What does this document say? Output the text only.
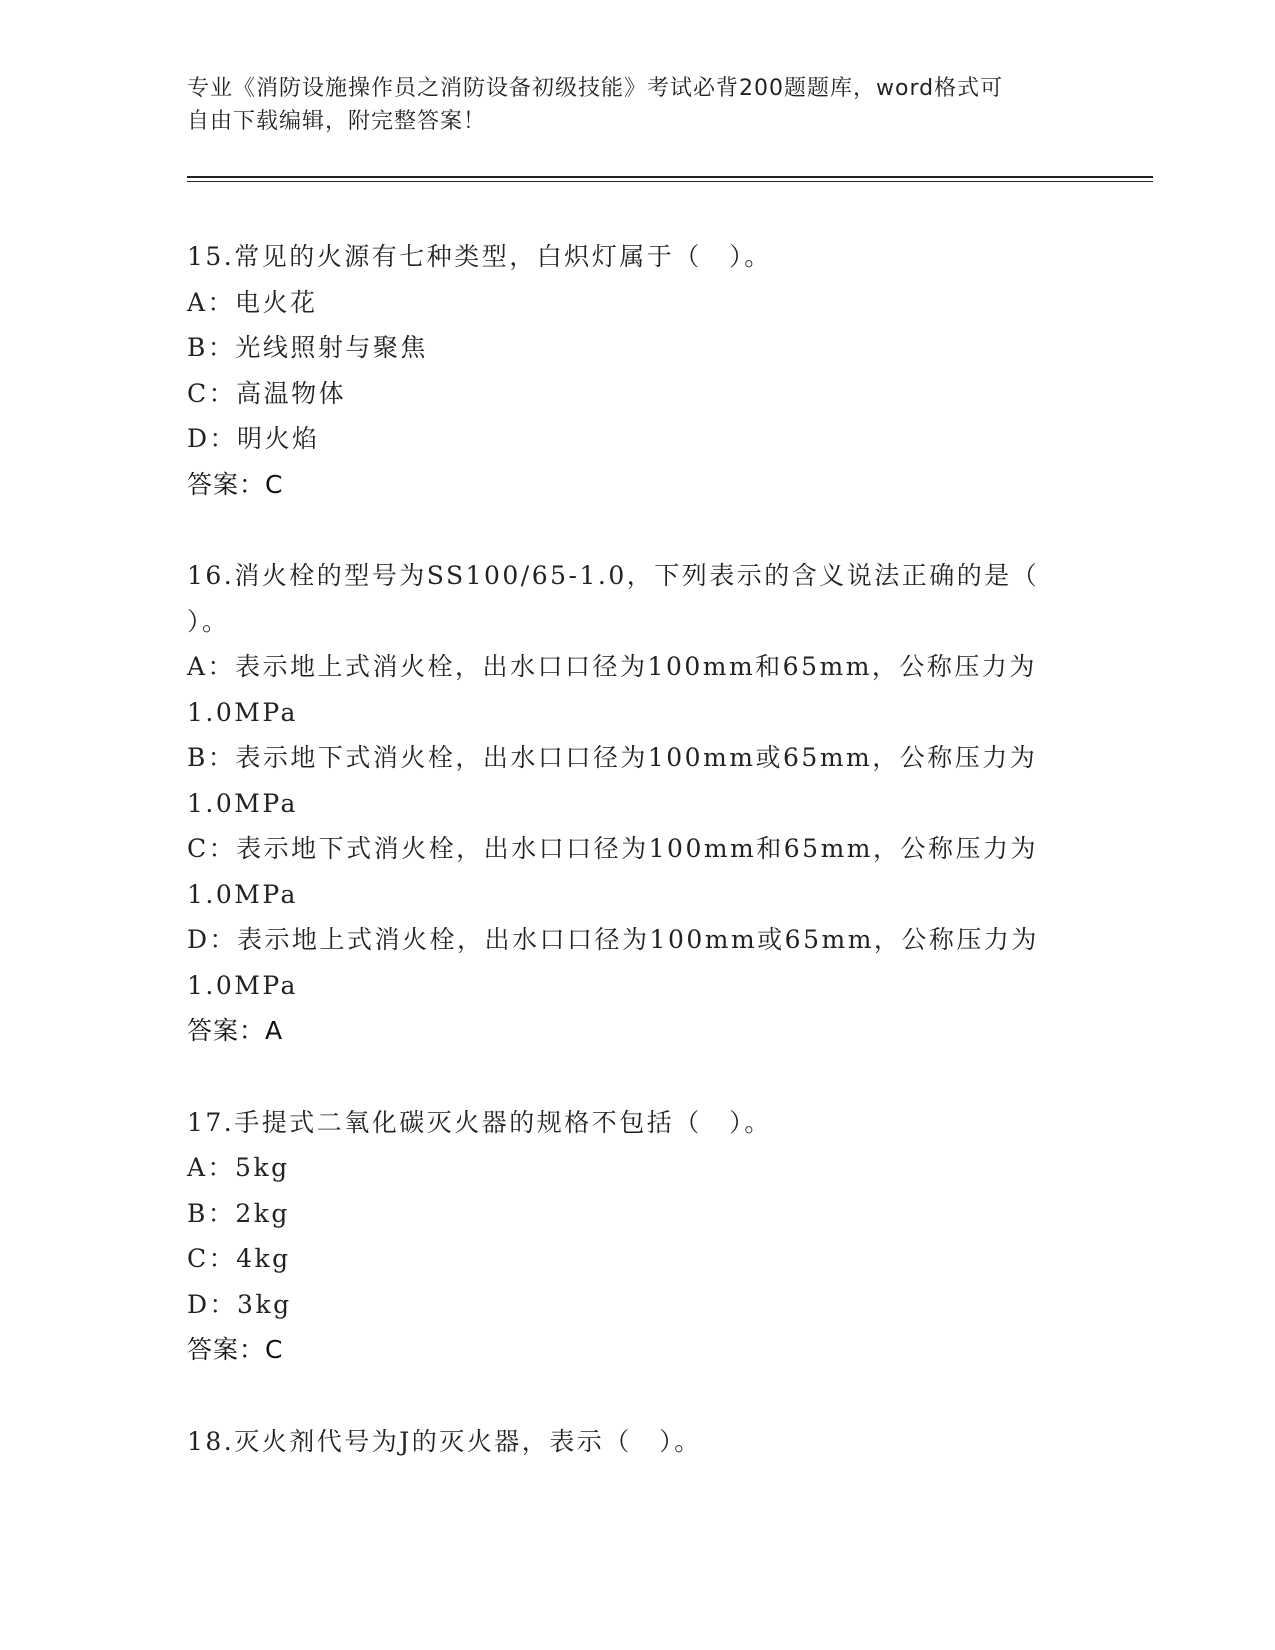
专业《消防设施操作员之消防设备初级技能》考试必背200题题库，word格式可
自由下载编辑，附完整答案！
15.常见的火源有七种类型，白炽灯属于（　）。
A：电火花
B：光线照射与聚焦
C：高温物体
D：明火焰
答案：C
16.消火栓的型号为SS100/65-1.0，下列表示的含义说法正确的是（
）。
A：表示地上式消火栓，出水口口径为100mm和65mm，公称压力为
1.0MPa
B：表示地下式消火栓，出水口口径为100mm或65mm，公称压力为
1.0MPa
C：表示地下式消火栓，出水口口径为100mm和65mm，公称压力为
1.0MPa
D：表示地上式消火栓，出水口口径为100mm或65mm，公称压力为
1.0MPa
答案：A
17.手提式二氧化碳灭火器的规格不包括（　）。
A：5kg
B：2kg
C：4kg
D：3kg
答案：C
18.灭火剂代号为J的灭火器，表示（　）。
